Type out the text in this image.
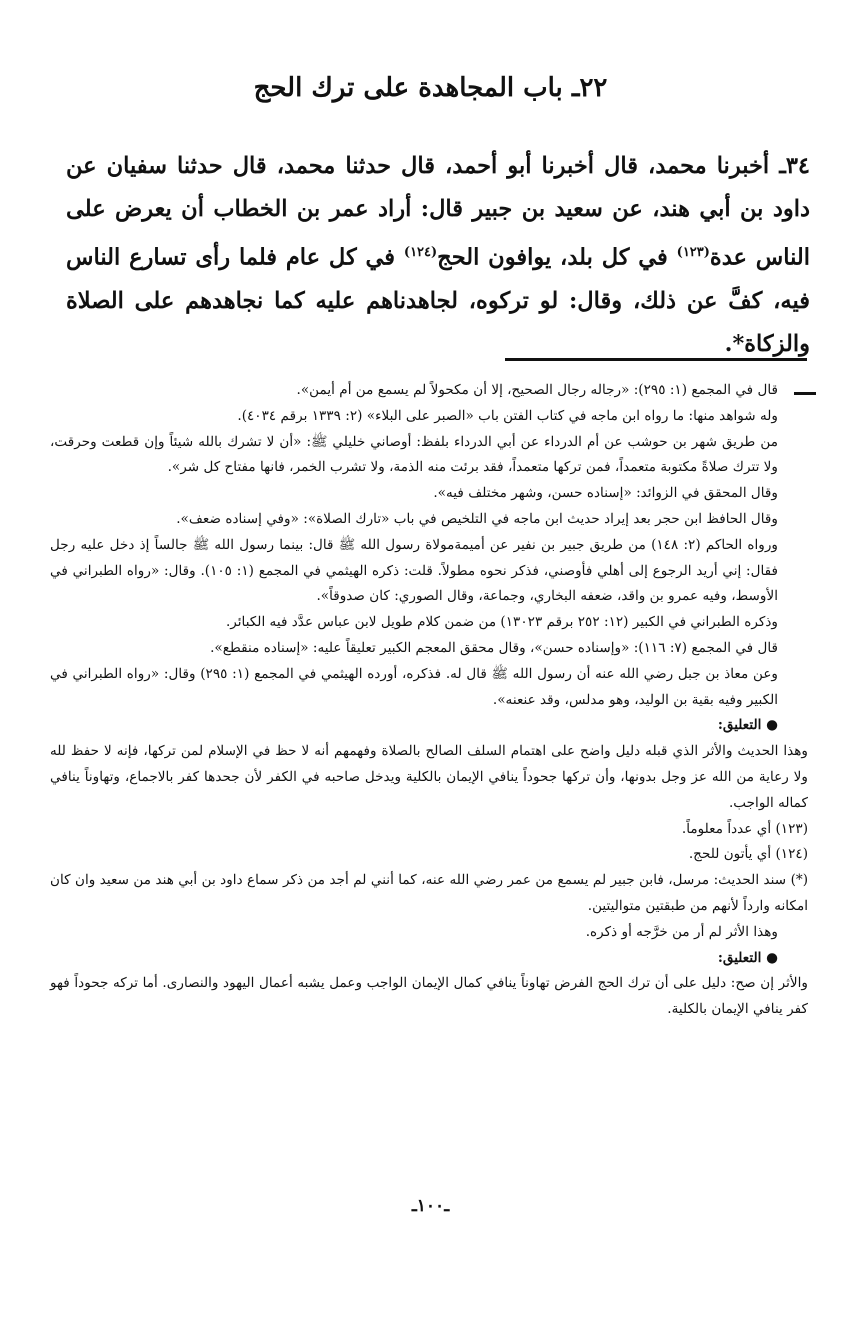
٢٢ـ باب المجاهدة على ترك الحج
٣٤ـ أخبرنا محمد، قال أخبرنا أبو أحمد، قال حدثنا محمد، قال حدثنا سفيان عن داود بن أبي هند، عن سعيد بن جبير قال: أراد عمر بن الخطاب أن يعرض على الناس عدة$^{(١٢٣)}$ في كل بلد، يوافون الحج$^{(١٢٤)}$ في كل عام فلما رأى تسارع الناس فيه، كفَّ عن ذلك، وقال: لو تركوه، لجاهدناهم عليه كما نجاهدهم على الصلاة والزكاة*.
قال في المجمع (١: ٢٩٥): «رجاله رجال الصحيح، إلا أن مكحولاً لم يسمع من أم أيمن».
وله شواهد منها: ما رواه ابن ماجه في كتاب الفتن باب «الصبر على البلاء» (٢: ١٣٣٩ برقم ٤٠٣٤).
من طريق شهر بن حوشب عن أم الدرداء عن أبي الدرداء بلفظ: أوصاني خليلي ﷺ: «أن لا تشرك بالله شيئاً وإن قطعت وحرقت، ولا تترك صلاةً مكتوبة متعمداً، فمن تركها متعمداً، فقد برئت منه الذمة، ولا تشرب الخمر، فانها مفتاح كل شر».
وقال المحقق في الزوائد: «إسناده حسن، وشهر مختلف فيه».
وقال الحافظ ابن حجر بعد إيراد حديث ابن ماجه في التلخيص في باب «تارك الصلاة»: «وفي إسناده ضعف».
ورواه الحاكم (٢: ١٤٨) من طريق جبير بن نفير عن أميمةمولاة رسول الله ﷺ قال: بينما رسول الله ﷺ جالساً إذ دخل عليه رجل فقال: إني أريد الرجوع إلى أهلي فأوصني، فذكر نحوه مطولاً. قلت: ذكره الهيثمي في المجمع (١: ١٠٥). وقال: «رواه الطبراني في الأوسط، وفيه عمرو بن واقد، ضعفه البخاري، وجماعة، وقال الصوري: كان صدوقاً».
وذكره الطبراني في الكبير (١٢: ٢٥٢ برقم ١٣٠٢٣) من ضمن كلام طويل لابن عباس عدَّد فيه الكبائر.
قال في المجمع (٧: ١١٦): «وإسناده حسن»، وقال محقق المعجم الكبير تعليقاً عليه: «إسناده منقطع».
وعن معاذ بن جبل رضي الله عنه أن رسول الله ﷺ قال له. فذكره، أورده الهيثمي في المجمع (١: ٢٩٥) وقال: «رواه الطبراني في الكبير وفيه بقية بن الوليد، وهو مدلس، وقد عنعنه».
● التعليق:
وهذا الحديث والأثر الذي قبله دليل واضح على اهتمام السلف الصالح بالصلاة وفهمهم أنه لا حظ في الإسلام لمن تركها، فإنه لا حفظ لله ولا رعاية من الله عز وجل بدونها، وأن تركها جحوداً ينافي الإيمان بالكلية ويدخل صاحبه في الكفر لأن جحدها كفر بالاجماع، وتهاوناً ينافي كماله الواجب.
(١٢٣) أي عدداً معلوماً.
(١٢٤) أي يأتون للحج.
(*) سند الحديث: مرسل، فابن جبير لم يسمع من عمر رضي الله عنه، كما أنني لم أجد من ذكر سماع داود بن أبي هند من سعيد وان كان امكانه وارداً لأنهم من طبقتين متواليتين.
وهذا الأثر لم أر من خرَّجه أو ذكره.
● التعليق:
والأثر إن صح: دليل على أن ترك الحج الفرض تهاوناً ينافي كمال الإيمان الواجب وعمل يشبه أعمال اليهود والنصارى. أما تركه جحوداً فهو كفر ينافي الإيمان بالكلية.
ـ١٠٠ـ
